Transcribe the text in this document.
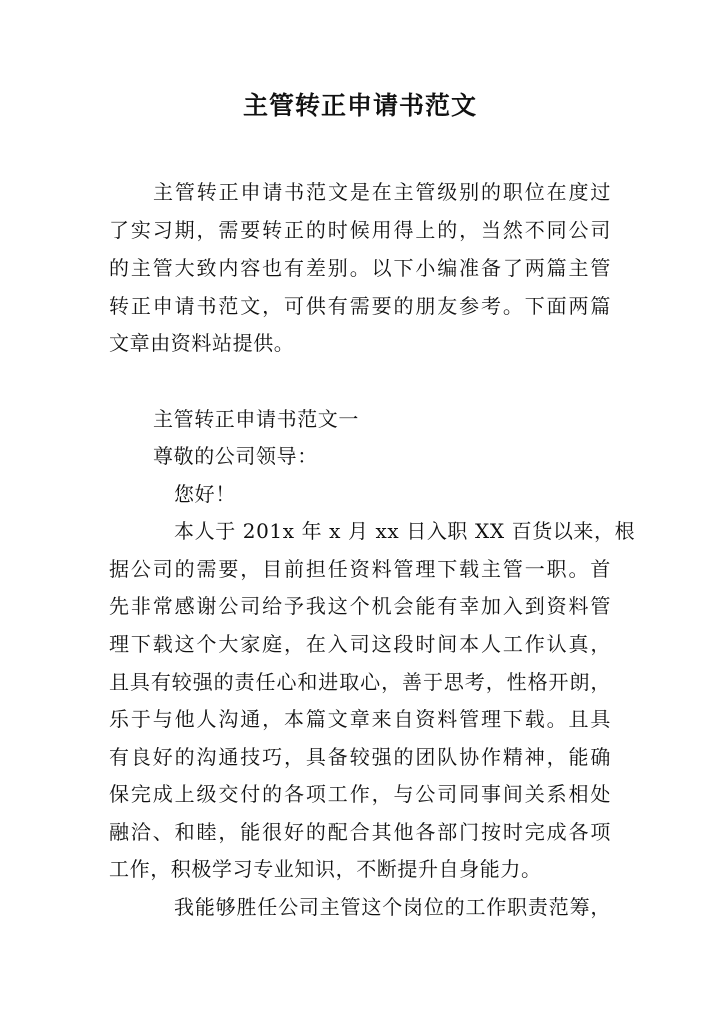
主管转正申请书范文
主管转正申请书范文是在主管级别的职位在度过
了实习期，需要转正的时候用得上的，当然不同公司
的主管大致内容也有差别。以下小编准备了两篇主管
转正申请书范文，可供有需要的朋友参考。下面两篇
文章由资料站提供。
主管转正申请书范文一
尊敬的公司领导：
您好！
本人于 201x 年 x 月 xx 日入职 XX 百货以来，根
据公司的需要，目前担任资料管理下载主管一职。首
先非常感谢公司给予我这个机会能有幸加入到资料管
理下载这个大家庭，在入司这段时间本人工作认真，
且具有较强的责任心和进取心，善于思考，性格开朗，
乐于与他人沟通，本篇文章来自资料管理下载。且具
有良好的沟通技巧，具备较强的团队协作精神，能确
保完成上级交付的各项工作，与公司同事间关系相处
融洽、和睦，能很好的配合其他各部门按时完成各项
工作，积极学习专业知识，不断提升自身能力。
我能够胜任公司主管这个岗位的工作职责范筹，
